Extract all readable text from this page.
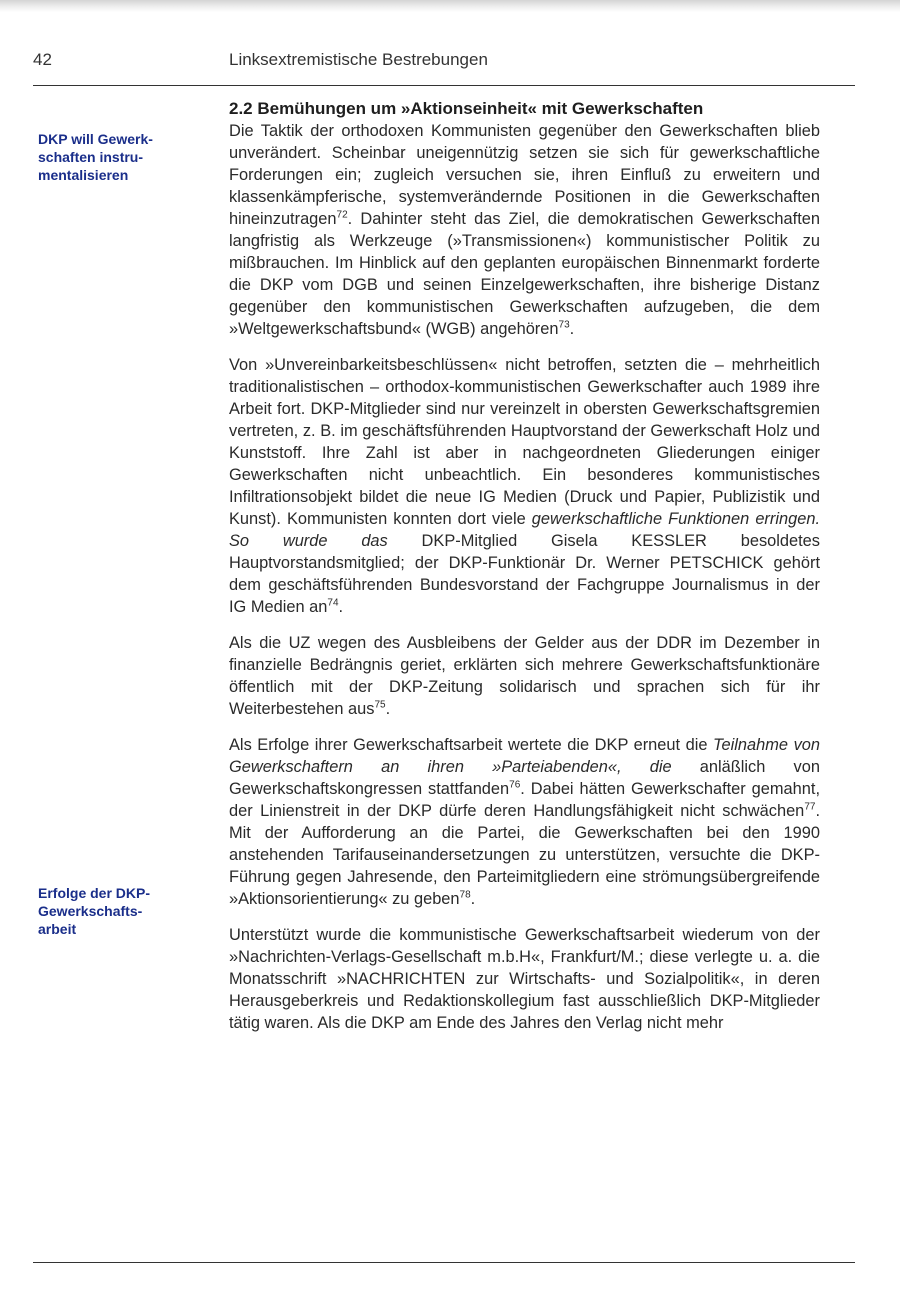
42	Linksextremistische Bestrebungen
DKP will Gewerk-
schaften instru-
mentalisieren
Erfolge der DKP-
Gewerkschafts-
arbeit
2.2 Bemühungen um »Aktionseinheit« mit Gewerkschaften

Die Taktik der orthodoxen Kommunisten gegenüber den Gewerkschaften blieb unverändert. Scheinbar uneigennützig setzen sie sich für gewerkschaftliche Forderungen ein; zugleich versuchen sie, ihren Einfluß zu erweitern und klassenkämpferische, systemverändernde Positionen in die Gewerkschaften hineinzutragen$^{72}$. Dahinter steht das Ziel, die demokratischen Gewerkschaften langfristig als Werkzeuge (»Transmissionen«) kommunistischer Politik zu mißbrauchen. Im Hinblick auf den geplanten europäischen Binnenmarkt forderte die DKP vom DGB und seinen Einzelgewerkschaften, ihre bisherige Distanz gegenüber den kommunistischen Gewerkschaften aufzugeben, die dem »Weltgewerkschaftsbund« (WGB) angehören$^{73}$.

Von »Unvereinbarkeitsbeschlüssen« nicht betroffen, setzten die – mehrheitlich traditionalistischen – orthodox-kommunistischen Gewerkschafter auch 1989 ihre Arbeit fort. DKP-Mitglieder sind nur vereinzelt in obersten Gewerkschaftsgremien vertreten, z. B. im geschäftsführenden Hauptvorstand der Gewerkschaft Holz und Kunststoff. Ihre Zahl ist aber in nachgeordneten Gliederungen einiger Gewerkschaften nicht unbeachtlich. Ein besonderes kommunistisches Infiltrationsobjekt bildet die neue IG Medien (Druck und Papier, Publizistik und Kunst). Kommunisten konnten dort viele gewerkschaftliche Funktionen erringen. So wurde das DKP-Mitglied Gisela KESSLER besoldetes Hauptvorstandsmitglied; der DKP-Funktionär Dr. Werner PETSCHICK gehört dem geschäftsführenden Bundesvorstand der Fachgruppe Journalismus in der IG Medien $an^{74}$.

Als die UZ wegen des Ausbleibens der Gelder aus der DDR im Dezember in finanzielle Bedrängnis geriet, erklärten sich mehrere Gewerkschaftsfunktionäre öffentlich mit der DKP-Zeitung solidarisch und sprachen sich für ihr Weiterbestehen aus$^{75}$.

Als Erfolge ihrer Gewerkschaftsarbeit wertete die DKP erneut die Teilnahme von Gewerkschaftern an ihren »Parteiabenden«, die anläßlich von Gewerkschaftskongressen stattfanden$^{76}$. Dabei hätten Gewerkschafter gemahnt, der Linienstreit in der DKP dürfe deren Handlungsfähigkeit nicht schwächen$^{77}$. Mit der Aufforderung an die Partei, die Gewerkschaften bei den 1990 anstehenden Tarifauseinandersetzungen zu unterstützen, versuchte die DKP-Führung gegen Jahresende, den Parteimitgliedern eine strömungsübergreifende »Aktionsorientierung« zu geben$^{78}$.

Unterstützt wurde die kommunistische Gewerkschaftsarbeit wiederum von der »Nachrichten-Verlags-Gesellschaft m.b.H«, Frankfurt/M.; diese verlegte u. a. die Monatsschrift »NACHRICHTEN zur Wirtschafts- und Sozialpolitik«, in deren Herausgeberkreis und Redaktionskollegium fast ausschließlich DKP-Mitglieder tätig waren. Als die DKP am Ende des Jahres den Verlag nicht mehr
